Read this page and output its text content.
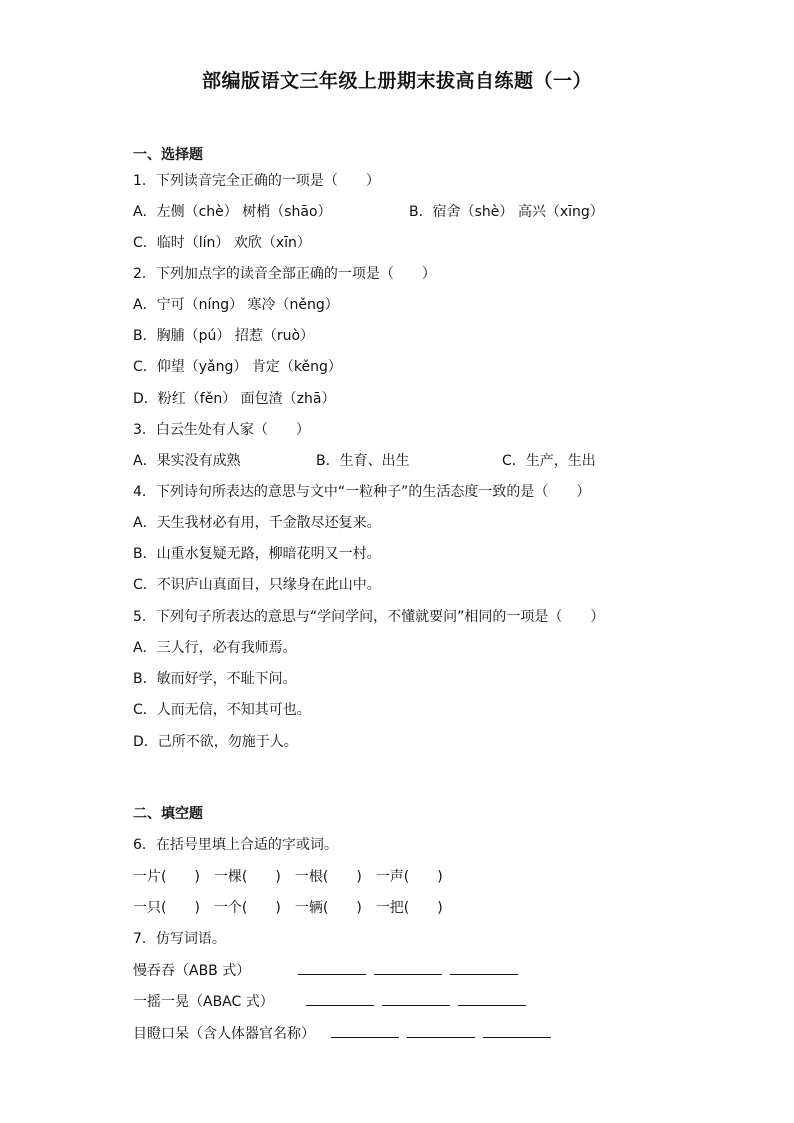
部编版语文三年级上册期末拔高自练题（一）
一、选择题
1．下列读音完全正确的一项是（　　）
A．左侧（chè） 树梢（shāo）	B．宿舍（shè） 高兴（xīng）
C．临时（lín） 欢欣（xīn）
2．下列加点字的读音全部正确的一项是（　　）
A．宁可（níng） 寒冷（něng）
B．胸脯（pú） 招惹（ruò）
C．仰望（yǎng） 肯定（kěng）
D．粉红（fěn） 面包渣（zhā）
3．白云生处有人家（　　）
A．果实没有成熟	B．生育、出生	C．生产，生出
4．下列诗句所表达的意思与文中“一粒种子”的生活态度一致的是（　　）
A．天生我材必有用，千金散尽还复来。
B．山重水复疑无路，柳暗花明又一村。
C．不识庐山真面目，只缘身在此山中。
5．下列句子所表达的意思与“学问学问，不懂就要问”相同的一项是（　　）
A．三人行，必有我师焉。
B．敏而好学，不耻下问。
C．人而无信，不知其可也。
D．己所不欲，勿施于人。
二、填空题
6．在括号里填上合适的字或词。
一片(　　) 一棵(　　) 一根(　　) 一声(　　)
一只(　　) 一个(　　) 一辆(　　) 一把(　　)
7．仿写词语。
慢吞吞（ABB 式）
一摇一晃（ABAC 式）
目瞪口呆（含人体器官名称）
